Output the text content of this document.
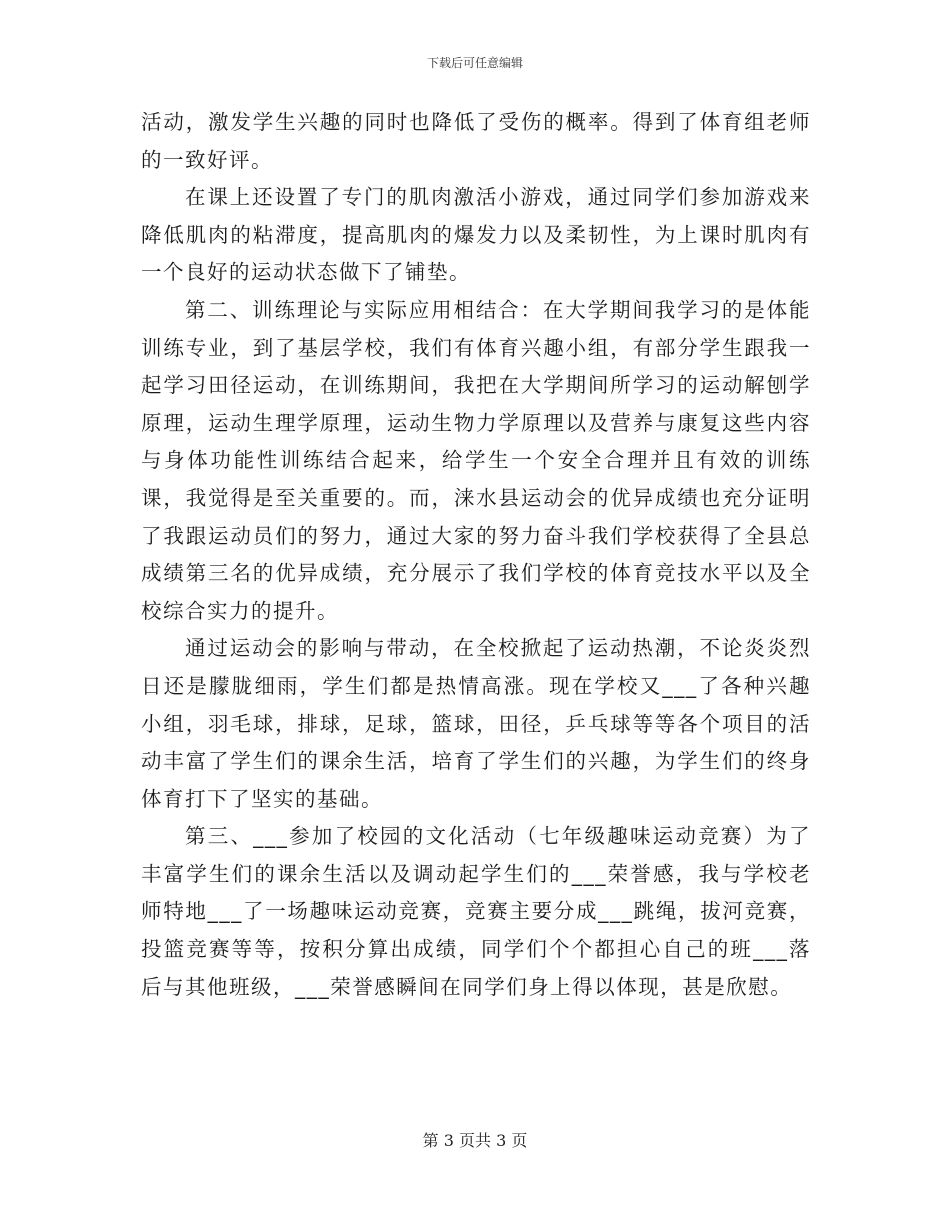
下载后可任意编辑

活动，激发学生兴趣的同时也降低了受伤的概率。得到了体育组老师的一致好评。

在课上还设置了专门的肌肉激活小游戏，通过同学们参加游戏来降低肌肉的粘滞度，提高肌肉的爆发力以及柔韧性，为上课时肌肉有一个良好的运动状态做下了铺垫。

第二、训练理论与实际应用相结合：在大学期间我学习的是体能训练专业，到了基层学校，我们有体育兴趣小组，有部分学生跟我一起学习田径运动，在训练期间，我把在大学期间所学习的运动解刨学原理，运动生理学原理，运动生物力学原理以及营养与康复这些内容与身体功能性训练结合起来，给学生一个安全合理并且有效的训练课，我觉得是至关重要的。而，涞水县运动会的优异成绩也充分证明了我跟运动员们的努力，通过大家的努力奋斗我们学校获得了全县总成绩第三名的优异成绩，充分展示了我们学校的体育竞技水平以及全校综合实力的提升。

通过运动会的影响与带动，在全校掀起了运动热潮，不论炎炎烈日还是朦胧细雨，学生们都是热情高涨。现在学校又___了各种兴趣小组，羽毛球，排球，足球，篮球，田径，乒乓球等等各个项目的活动丰富了学生们的课余生活，培育了学生们的兴趣，为学生们的终身体育打下了坚实的基础。

第三、___参加了校园的文化活动（七年级趣味运动竞赛）为了丰富学生们的课余生活以及调动起学生们的___荣誉感，我与学校老师特地___了一场趣味运动竞赛，竞赛主要分成___跳绳，拔河竞赛，投篮竞赛等等，按积分算出成绩，同学们个个都担心自己的班___落后与其他班级，___荣誉感瞬间在同学们身上得以体现，甚是欣慰。

第 3 页共 3 页
